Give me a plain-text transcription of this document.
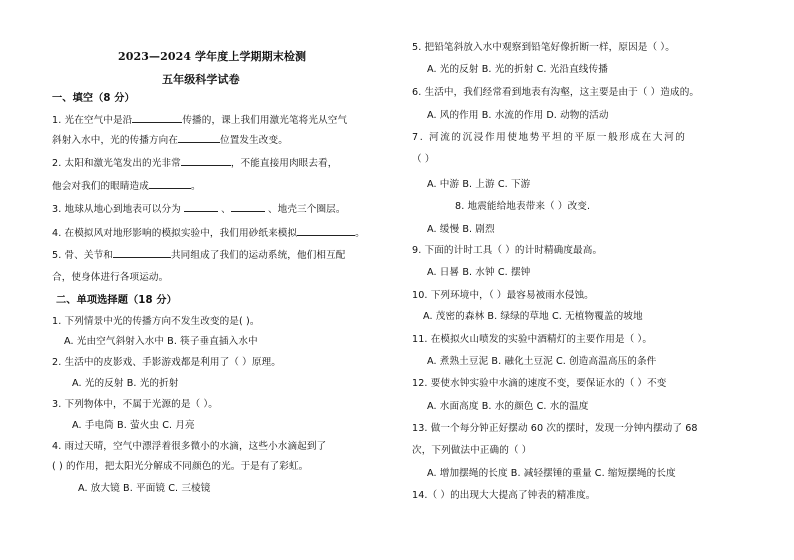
2023—2024 学年度上学期期末检测
五年级科学试卷
一、填空（8 分）
1. 光在空气中是沿	传播的，课上我们用激光笔将光从空气
斜射入水中，光的传播方向在	位置发生改变。
2. 太阳和激光笔发出的光非常	，不能直接用肉眼去看，
他会对我们的眼睛造成	。
3. 地球从地心到地表可以分为	、	、地壳三个圈层。
4. 在模拟风对地形影响的模拟实验中，我们用砂纸来模拟	。
5. 骨、关节和	共同组成了我们的运动系统，他们相互配
合，使身体进行各项运动。
二、单项选择题（18 分）
1. 下列情景中光的传播方向不发生改变的是( )。
A. 光由空气斜射入水中 B. 筷子垂直插入水中
2. 生活中的皮影戏、手影游戏都是利用了（ ）原理。
A. 光的反射 B. 光的折射
3. 下列物体中，不属于光源的是（ ）。
A. 手电筒 B. 萤火虫 C. 月亮
4. 雨过天晴，空气中漂浮着很多微小的水滴，这些小水滴起到了
( ) 的作用，把太阳光分解成不同颜色的光。于是有了彩虹。
A. 放大镜 B. 平面镜 C. 三棱镜
5. 把铅笔斜放入水中观察到铅笔好像折断一样，原因是（ ）。
A. 光的反射 B. 光的折射 C. 光沿直线传播
6. 生活中，我们经常看到地表有沟壑，这主要是由于（ ）造成的。
A. 风的作用 B. 水流的作用 D. 动物的活动
7. 河流的沉浸作用使地势平坦的平原一般形成在大河的
（ ）
A. 中游 B. 上游 C. 下游
8. 地震能给地表带来（ ）改变.
A. 缓慢 B. 剧烈
9. 下面的计时工具（ ）的计时精确度最高。
A. 日晷 B. 水钟 C. 摆钟
10. 下列环境中，（ ）最容易被雨水侵蚀。
A. 茂密的森林 B. 绿绿的草地 C. 无植物覆盖的坡地
11. 在模拟火山喷发的实验中酒精灯的主要作用是（ ）。
A. 煮熟土豆泥 B. 融化土豆泥 C. 创造高温高压的条件
12. 要使水钟实验中水滴的速度不变，要保证水的（ ）不变
A. 水面高度 B. 水的颜色 C. 水的温度
13. 做一个每分钟正好摆动 60 次的摆时，发现一分钟内摆动了 68
次，下列做法中正确的（ ）
A. 增加摆绳的长度 B. 减轻摆锤的重量 C. 缩短摆绳的长度
14.（ ）的出现大大提高了钟表的精准度。
